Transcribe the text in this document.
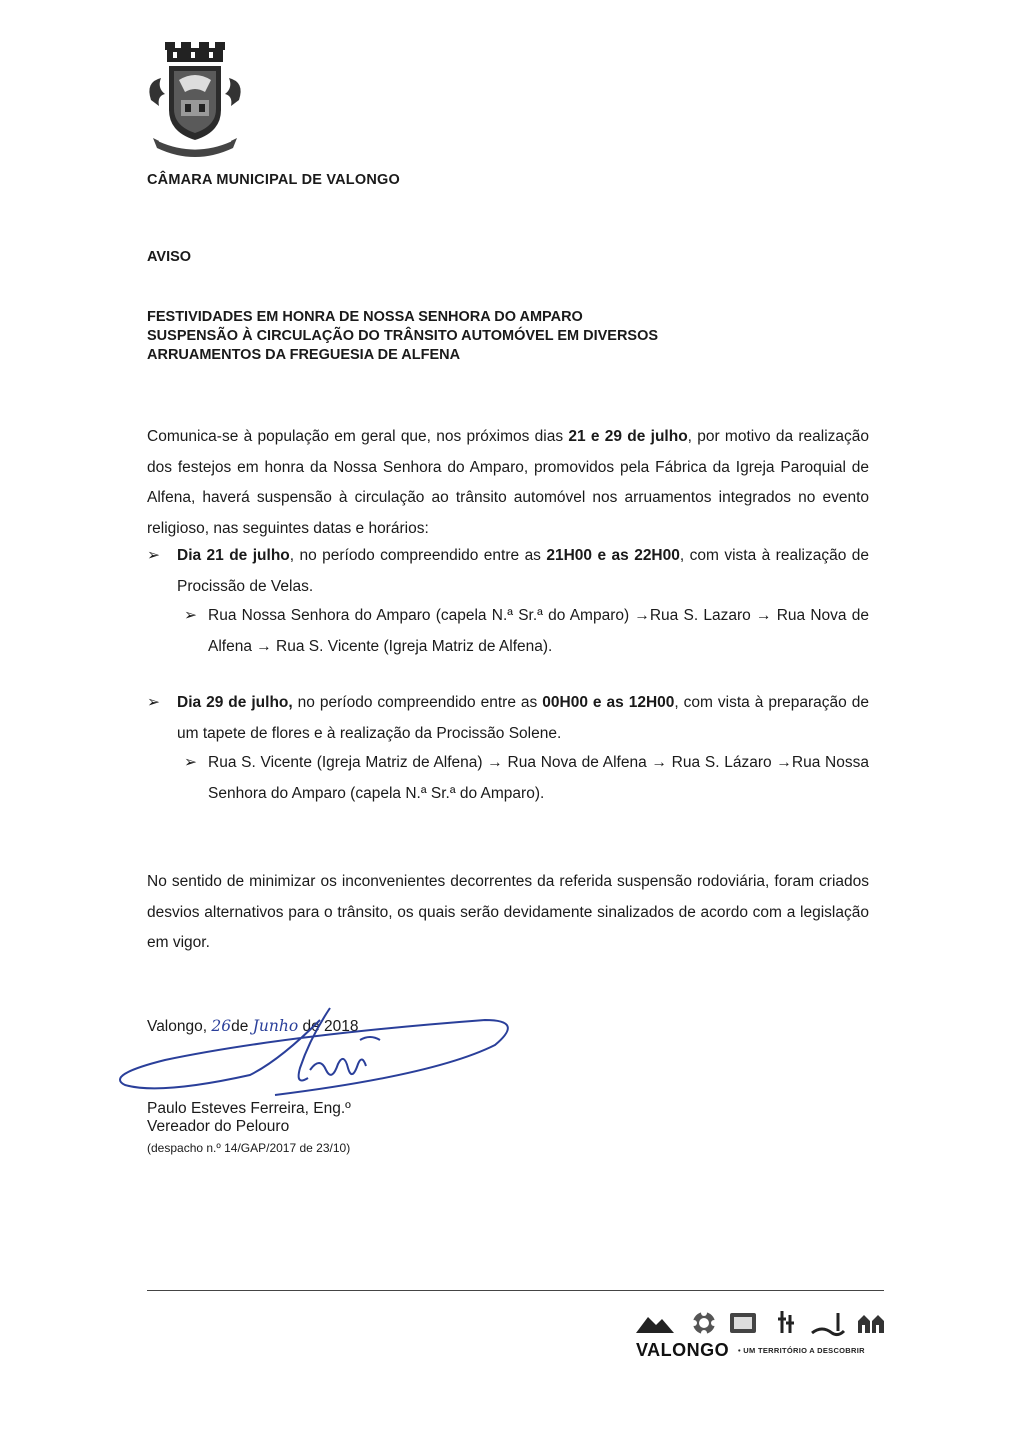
CÂMARA MUNICIPAL DE VALONGO
AVISO
FESTIVIDADES EM HONRA DE NOSSA SENHORA DO AMPARO
SUSPENSÃO À CIRCULAÇÃO DO TRÂNSITO AUTOMÓVEL EM DIVERSOS
ARRUAMENTOS DA FREGUESIA DE ALFENA
Comunica-se à população em geral que, nos próximos dias 21 e 29 de julho, por motivo da realização dos festejos em honra da Nossa Senhora do Amparo, promovidos pela Fábrica da Igreja Paroquial de Alfena, haverá suspensão à circulação ao trânsito automóvel nos arruamentos integrados no evento religioso, nas seguintes datas e horários:
➢ Dia 21 de julho, no período compreendido entre as 21H00 e as 22H00, com vista à realização de Procissão de Velas.
➢ Rua Nossa Senhora do Amparo (capela N.ª Sr.ª do Amparo) →Rua S. Lazaro → Rua Nova de Alfena → Rua S. Vicente (Igreja Matriz de Alfena).
➢ Dia 29 de julho, no período compreendido entre as 00H00 e as 12H00, com vista à preparação de um tapete de flores e à realização da Procissão Solene.
➢ Rua S. Vicente (Igreja Matriz de Alfena) → Rua Nova de Alfena → Rua S. Lázaro →Rua Nossa Senhora do Amparo (capela N.ª Sr.ª do Amparo).
No sentido de minimizar os inconvenientes decorrentes da referida suspensão rodoviária, foram criados desvios alternativos para o trânsito, os quais serão devidamente sinalizados de acordo com a legislação em vigor.
Valongo, 26de Junho de 2018
Paulo Esteves Ferreira, Eng.º
Vereador do Pelouro
(despacho n.º 14/GAP/2017 de 23/10)
VALONGO • UM TERRITÓRIO A DESCOBRIR
